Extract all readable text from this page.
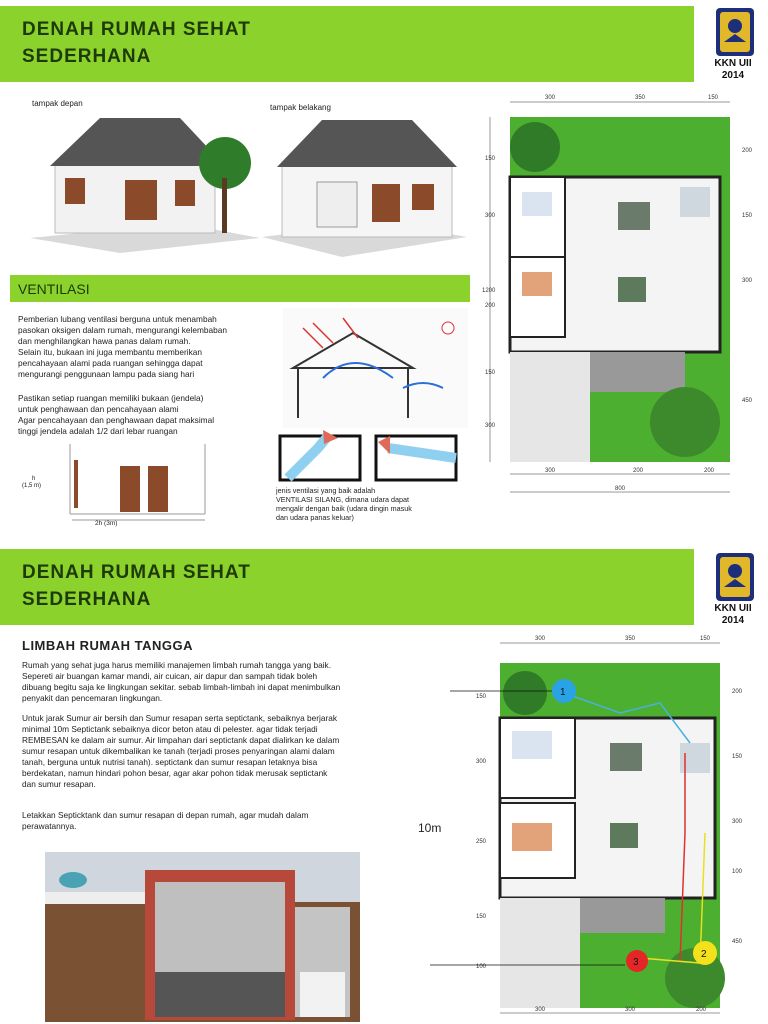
DENAH RUMAH SEHAT
SEDERHANA	KKN UII
2014
tampak depan	tampak belakang
VENTILASI
Pemberian lubang ventilasi berguna untuk menambah
pasokan oksigen dalam rumah, mengurangi kelembaban
dan menghilangkan hawa panas dalam rumah.
Selain itu, bukaan ini juga membantu memberikan
pencahayaan alami pada ruangan sehingga dapat
mengurangi penggunaan lampu pada siang hari
Pastikan setiap ruangan memiliki bukaan (jendela)
untuk penghawaan dan pencahayaan alami
Agar pencahayaan dan penghawaan dapat maksimal
tinggi jendela adalah 1/2 dari lebar ruangan
h
(1,5 m)
2h (3m)
jenis ventilasi yang baik adalah
VENTILASI SILANG, dimana udara dapat
mengalir dengan baik (udara dingin masuk
dan udara panas keluar)
300	350	150
1200
150
300
200
150
300
200
150
300
450
300	200	200
800
DENAH RUMAH SEHAT
SEDERHANA	KKN UII
2014
LIMBAH RUMAH TANGGA
Rumah yang sehat juga harus memiliki manajemen limbah rumah tangga yang baik.
Sepereti air buangan kamar mandi, air cuican, air dapur dan sampah tidak boleh
dibuang begitu saja ke lingkungan sekitar. sebab limbah-limbah ini dapat menimbulkan
penyakit dan pencemaran lingkungan.
Untuk jarak Sumur air bersih dan Sumur resapan serta septictank, sebaiknya berjarak
minimal 10m Septictank sebaiknya dicor beton atau di pelester. agar tidak terjadi
REMBESAN ke dalam air sumur. Air limpahan dari septictank dapat dialirkan ke dalam
sumur resapan untuk dikembalikan ke tanah (terjadi proses penyaringan alami dalam
tanah, berguna untuk nutrisi tanah). septictank dan sumur resapan letaknya bisa
berdekatan, namun hindari pohon besar, agar akar pohon tidak merusak septictank
dan sumur resapan.
Letakkan Septicktank dan sumur resapan di depan rumah, agar mudah dalam
perawatannya.	10m
300	350	150
150
300
250
150
100
200
150
300
100
450
1
2
3
300	300	200
